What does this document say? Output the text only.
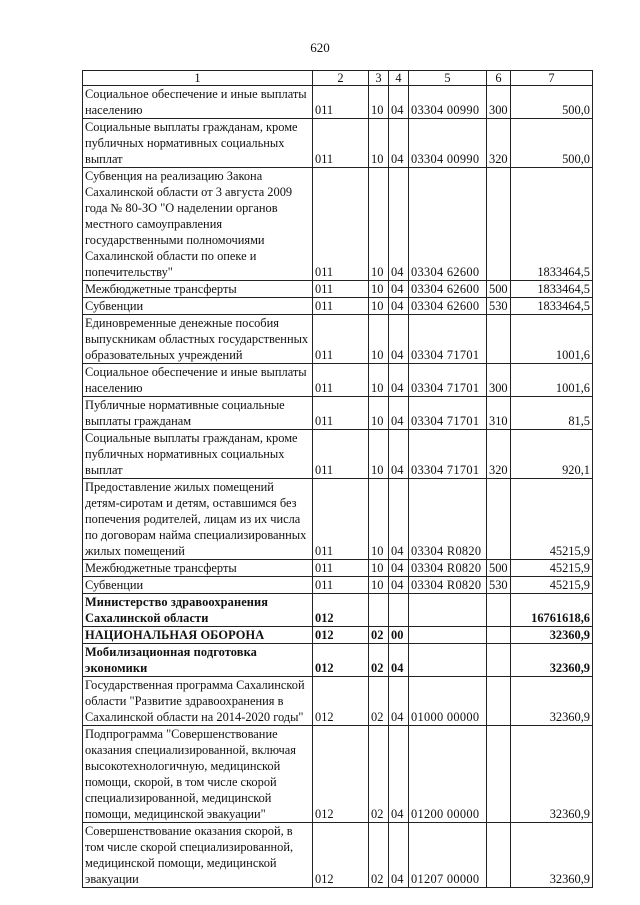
620
1	2	3	4	5	6	7
Социальное обеспечение и иные выплаты населению	011	10	04	03304 00990	300	500,0
Социальные выплаты гражданам, кроме публичных нормативных социальных выплат	011	10	04	03304 00990	320	500,0
Субвенция на реализацию Закона Сахалинской области от 3 августа 2009 года № 80-ЗО "О наделении органов местного самоуправления государственными полномочиями Сахалинской области по опеке и попечительству"	011	10	04	03304 62600		1833464,5
Межбюджетные трансферты	011	10	04	03304 62600	500	1833464,5
Субвенции	011	10	04	03304 62600	530	1833464,5
Единовременные денежные пособия выпускникам областных государственных образовательных учреждений	011	10	04	03304 71701		1001,6
Социальное обеспечение и иные выплаты населению	011	10	04	03304 71701	300	1001,6
Публичные нормативные социальные выплаты гражданам	011	10	04	03304 71701	310	81,5
Социальные выплаты гражданам, кроме публичных нормативных социальных выплат	011	10	04	03304 71701	320	920,1
Предоставление жилых помещений детям-сиротам и детям, оставшимся без попечения родителей, лицам из их числа по договорам найма специализированных жилых помещений	011	10	04	03304 R0820		45215,9
Межбюджетные трансферты	011	10	04	03304 R0820	500	45215,9
Субвенции	011	10	04	03304 R0820	530	45215,9
Министерство здравоохранения Сахалинской области	012					16761618,6
НАЦИОНАЛЬНАЯ ОБОРОНА	012	02	00			32360,9
Мобилизационная подготовка экономики	012	02	04			32360,9
Государственная программа Сахалинской области "Развитие здравоохранения в Сахалинской области на 2014-2020 годы"	012	02	04	01000 00000		32360,9
Подпрограмма "Совершенствование оказания специализированной, включая высокотехнологичную, медицинской помощи, скорой, в том числе скорой специализированной, медицинской помощи, медицинской эвакуации"	012	02	04	01200 00000		32360,9
Совершенствование оказания скорой, в том числе скорой специализированной, медицинской помощи, медицинской эвакуации	012	02	04	01207 00000		32360,9
